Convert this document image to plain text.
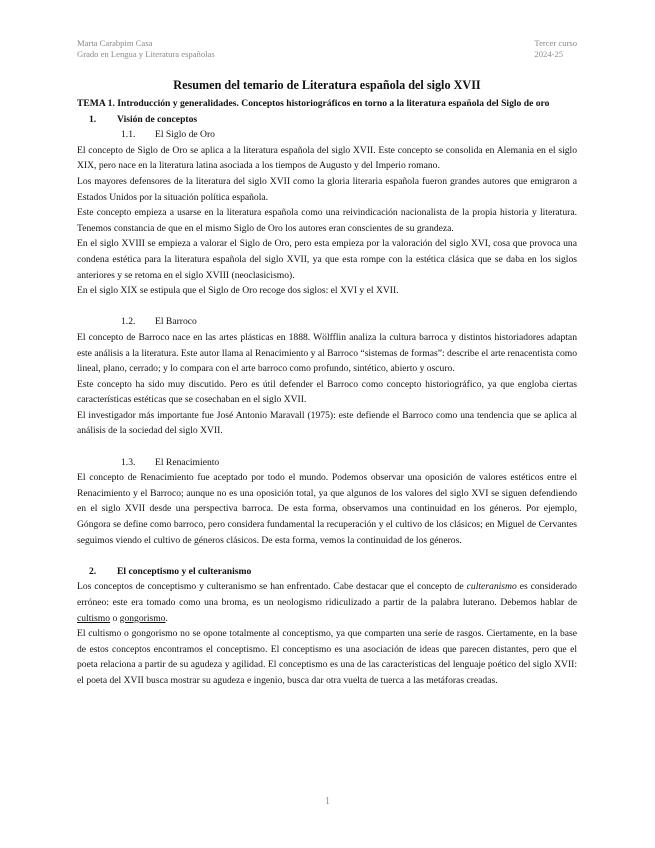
Marta Carabpim Casa
Grado en Lengua y Literatura españolas
Tercer curso
2024-25
Resumen del temario de Literatura española del siglo XVII

TEMA 1. Introducción y generalidades. Conceptos historiográficos en torno a la literatura española del Siglo de oro

1. Visión de conceptos

1.1. El Siglo de Oro

El concepto de Siglo de Oro se aplica a la literatura española del siglo XVII. Este concepto se consolida en Alemania en el siglo XIX, pero nace en la literatura latina asociada a los tiempos de Augusto y del Imperio romano.

Los mayores defensores de la literatura del siglo XVII como la gloria literaria española fueron grandes autores que emigraron a Estados Unidos por la situación política española.

Este concepto empieza a usarse en la literatura española como una reivindicación nacionalista de la propia historia y literatura. Tenemos constancia de que en el mismo Siglo de Oro los autores eran conscientes de su grandeza.

En el siglo XVIII se empieza a valorar el Siglo de Oro, pero esta empieza por la valoración del siglo XVI, cosa que provoca una condena estética para la literatura española del siglo XVII, ya que esta rompe con la estética clásica que se daba en los siglos anteriores y se retoma en el siglo XVIII (neoclasicismo).

En el siglo XIX se estipula que el Siglo de Oro recoge dos siglos: el XVI y el XVII.

1.2. El Barroco

El concepto de Barroco nace en las artes plásticas en 1888. Wölfflin analiza la cultura barroca y distintos historiadores adaptan este análisis a la literatura. Este autor llama al Renacimiento y al Barroco “sistemas de formas”: describe el arte renacentista como lineal, plano, cerrado; y lo compara con el arte barroco como profundo, sintético, abierto y oscuro.

Este concepto ha sido muy discutido. Pero es útil defender el Barroco como concepto historiográfico, ya que engloba ciertas características estéticas que se cosechaban en el siglo XVII.

El investigador más importante fue José Antonio Maravall (1975): este defiende el Barroco como una tendencia que se aplica al análisis de la sociedad del siglo XVII.

1.3. El Renacimiento

El concepto de Renacimiento fue aceptado por todo el mundo. Podemos observar una oposición de valores estéticos entre el Renacimiento y el Barroco; aunque no es una oposición total, ya que algunos de los valores del siglo XVI se siguen defendiendo en el siglo XVII desde una perspectiva barroca. De esta forma, observamos una continuidad en los géneros. Por ejemplo, Góngora se define como barroco, pero considera fundamental la recuperación y el cultivo de los clásicos; en Miguel de Cervantes seguimos viendo el cultivo de géneros clásicos. De esta forma, vemos la continuidad de los géneros.

2. El conceptismo y el culteranismo

Los conceptos de conceptismo y culteranismo se han enfrentado. Cabe destacar que el concepto de culteranismo es considerado erróneo: este era tomado como una broma, es un neologismo ridiculizado a partir de la palabra luterano. Debemos hablar de cultismo o gongorismo.

El cultismo o gongorismo no se opone totalmente al conceptismo, ya que comparten una serie de rasgos. Ciertamente, en la base de estos conceptos encontramos el conceptismo. El conceptismo es una asociación de ideas que parecen distantes, pero que el poeta relaciona a partir de su agudeza y agilidad. El conceptismo es una de las características del lenguaje poético del siglo XVII: el poeta del XVII busca mostrar su agudeza e ingenio, busca dar otra vuelta de tuerca a las metáforas creadas.

1
